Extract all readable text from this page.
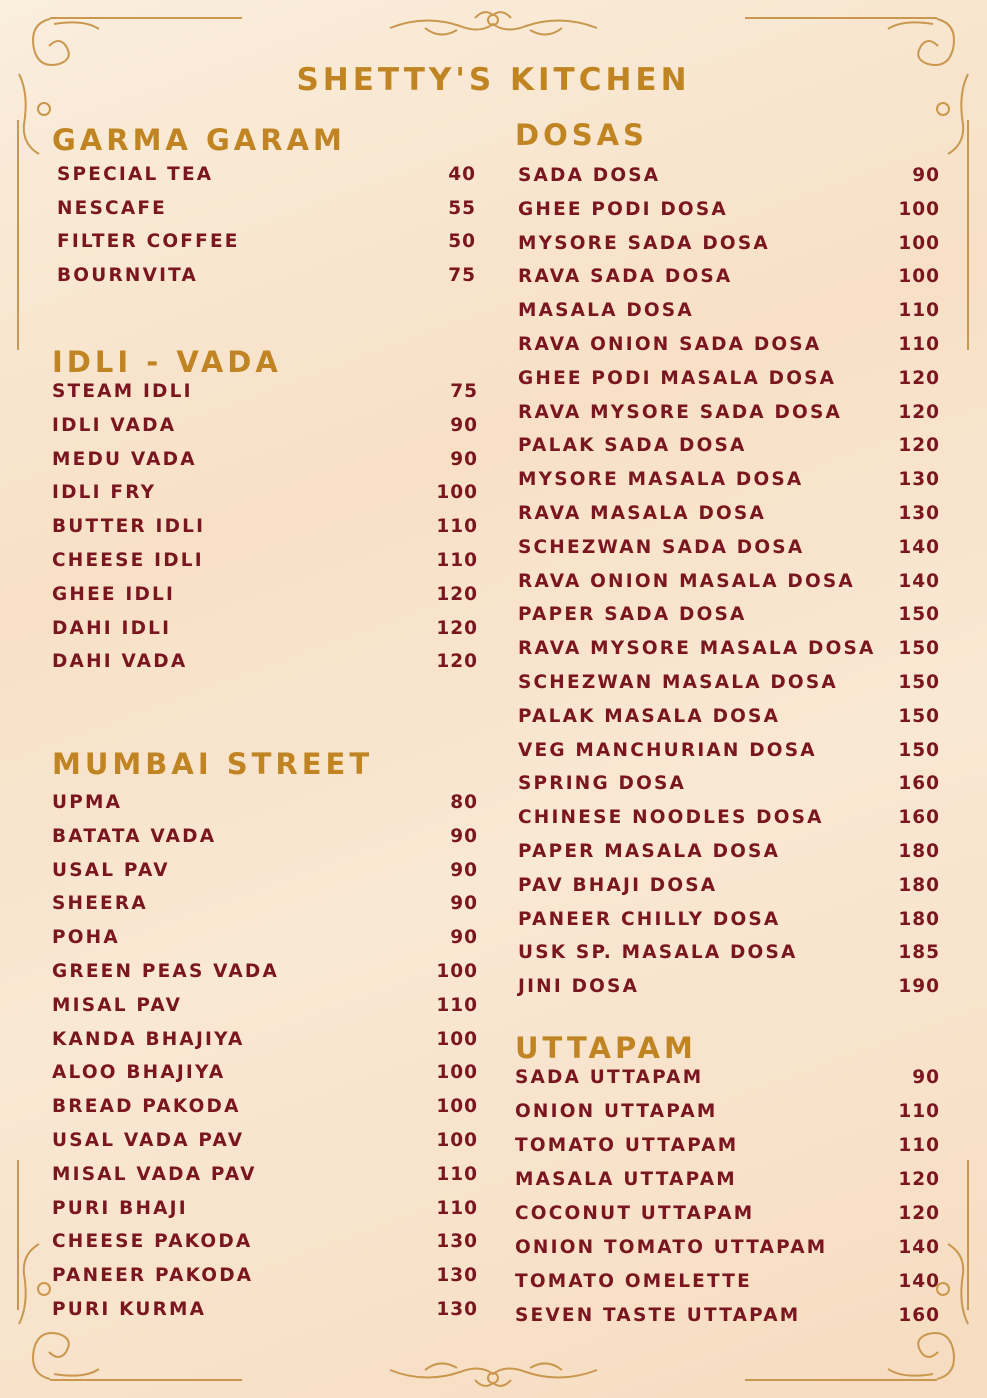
SHETTY'S KITCHEN
GARMA GARAM
SPECIAL TEA	40
NESCAFE	55
FILTER COFFEE	50
BOURNVITA	75
IDLI - VADA
STEAM IDLI	75
IDLI VADA	90
MEDU VADA	90
IDLI FRY	100
BUTTER IDLI	110
CHEESE IDLI	110
GHEE IDLI	120
DAHI IDLI	120
DAHI VADA	120
MUMBAI STREET
UPMA	80
BATATA VADA	90
USAL PAV	90
SHEERA	90
POHA	90
GREEN PEAS VADA	100
MISAL PAV	110
KANDA BHAJIYA	100
ALOO BHAJIYA	100
BREAD PAKODA	100
USAL VADA PAV	100
MISAL VADA PAV	110
PURI BHAJI	110
CHEESE PAKODA	130
PANEER PAKODA	130
PURI KURMA	130
DOSAS
SADA DOSA	90
GHEE PODI DOSA	100
MYSORE SADA DOSA	100
RAVA SADA DOSA	100
MASALA DOSA	110
RAVA ONION SADA DOSA	110
GHEE PODI MASALA DOSA	120
RAVA MYSORE SADA DOSA	120
PALAK SADA DOSA	120
MYSORE MASALA DOSA	130
RAVA MASALA DOSA	130
SCHEZWAN SADA DOSA	140
RAVA ONION MASALA DOSA 140
PAPER SADA DOSA	150
RAVA MYSORE MASALA DOSA 150
SCHEZWAN MASALA DOSA	150
PALAK MASALA DOSA	150
VEG MANCHURIAN DOSA	150
SPRING DOSA	160
CHINESE NOODLES DOSA	160
PAPER MASALA DOSA	180
PAV BHAJI DOSA	180
PANEER CHILLY DOSA	180
USK SP. MASALA DOSA	185
JINI DOSA	190
UTTAPAM
SADA UTTAPAM	90
ONION UTTAPAM	110
TOMATO UTTAPAM	110
MASALA UTTAPAM	120
COCONUT UTTAPAM	120
ONION TOMATO UTTAPAM	140
TOMATO OMELETTE	140
SEVEN TASTE UTTAPAM	160
